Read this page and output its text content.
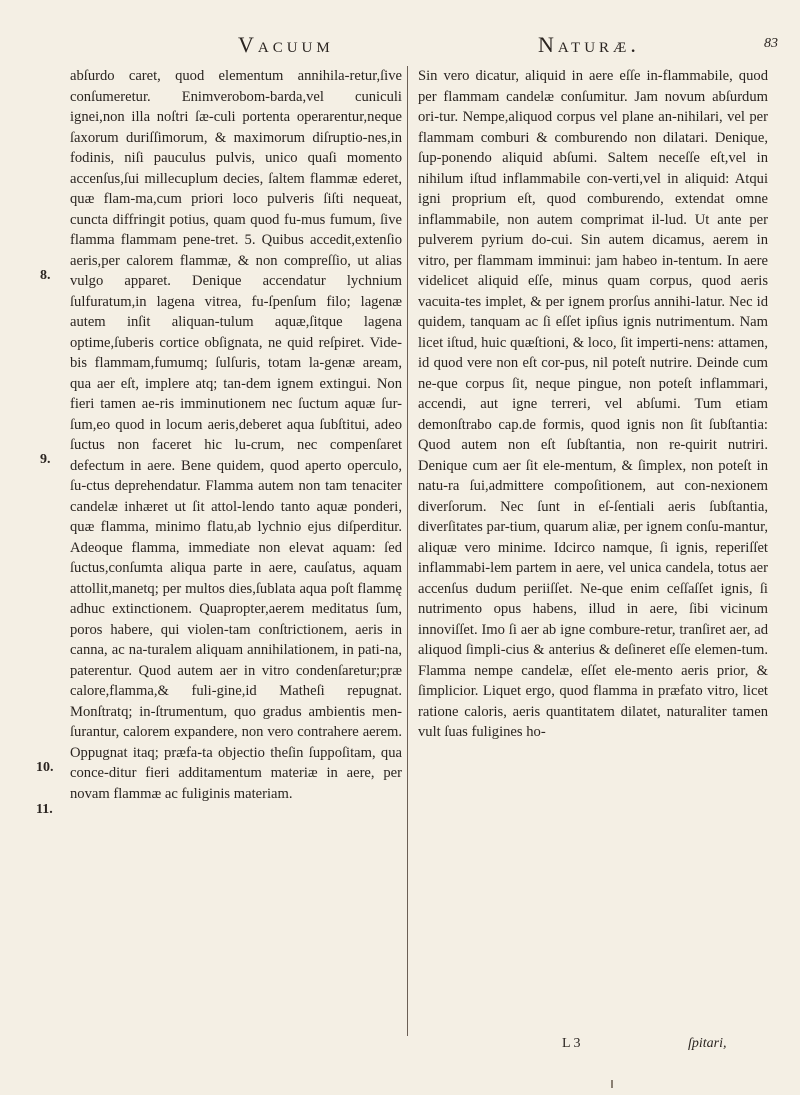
Vacuum	Naturæ.	83
8.
9.
10.
11.

abſurdo caret, quod elementum annihila-retur,ſive conſumeretur. Enimverobom-barda,vel cuniculi ignei,non illa noſtri ſæ-culi portenta operarentur,neque ſaxorum duriſſimorum, & maximorum diſruptio-nes,in fodinis, niſi pauculus pulvis, unico quaſi momento accenſus,ſui millecuplum decies, ſaltem flammæ ederet, quæ flam-ma,cum priori loco pulveris ſiſti nequeat, cuncta diffringit potius, quam quod fu-mus fumum, ſive flamma flammam pene-tret. 5. Quibus accedit,extenſio aeris,per calorem flammæ, & non compreſſio, ut alias vulgo apparet. Denique accendatur lychnium ſulfuratum,in lagena vitrea, fu-ſpenſum filo; lagenæ autem inſit aliquan-tulum aquæ,ſitque lagena optime,ſuberis cortice obſignata, ne quid reſpiret. Vide-bis flammam,fumumq; ſulſuris, totam la-genæ aream, qua aer eſt, implere atq; tan-dem ignem extingui. Non fieri tamen ae-ris imminutionem nec ſuctum aquæ ſur-ſum,eo quod in locum aeris,deberet aqua ſubſtitui, adeo ſuctus non faceret hic lu-crum, nec compenſaret defectum in aere. Bene quidem, quod aperto operculo, ſu-ctus deprehendatur. Flamma autem non tam tenaciter candelæ inhæret ut ſit attol-lendo tanto aquæ ponderi, quæ flamma, minimo flatu,ab lychnio ejus diſperditur. Adeoque flamma, immediate non elevat aquam: ſed ſuctus,conſumta aliqua parte in aere, cauſatus, aquam attollit,manetq; per multos dies,ſublata aqua poſt flammę adhuc extinctionem. Quapropter,aerem meditatus ſum, poros habere, qui violen-tam conſtrictionem, aeris in canna, ac na-turalem aliquam annihilationem, in pati-na, paterentur. Quod autem aer in vitro condenſaretur;præ calore,flamma,& fuli-gine,id Matheſi repugnat. Monſtratq; in-ſtrumentum, quo gradus ambientis men-ſurantur, calorem expandere, non vero contrahere aerem. Oppugnat itaq; præfa-ta objectio theſin ſuppoſitam, qua conce-ditur fieri additamentum materiæ in aere, per novam flammæ ac fuliginis materiam.

Sin vero dicatur, aliquid in aere eſſe in-flammabile, quod per flammam candelæ conſumitur. Jam novum abſurdum ori-tur. Nempe,aliquod corpus vel plane an-nihilari, vel per flammam comburi & comburendo non dilatari. Denique, ſup-ponendo aliquid abſumi. Saltem neceſſe eſt,vel in nihilum iſtud inflammabile con-verti,vel in aliquid: Atqui igni proprium eſt, quod comburendo, extendat omne inflammabile, non autem comprimat il-lud. Ut ante per pulverem pyrium do-cui. Sin autem dicamus, aerem in vitro, per flammam imminui: jam habeo in-tentum. In aere videlicet aliquid eſſe, minus quam corpus, quod aeris vacuita-tes implet, & per ignem prorſus annihi-latur. Nec id quidem, tanquam ac ſi eſſet ipſius ignis nutrimentum. Nam licet iſtud, huic quæſtioni, & loco, ſit imperti-nens: attamen, id quod vere non eſt cor-pus, nil poteſt nutrire. Deinde cum ne-que corpus ſit, neque pingue, non poteſt inflammari, accendi, aut igne terreri, vel abſumi. Tum etiam demonſtrabo cap.de formis, quod ignis non ſit ſubſtantia: Quod autem non eſt ſubſtantia, non re-quirit nutriri. Denique cum aer ſit ele-mentum, & ſimplex, non poteſt in natu-ra ſui,admittere compoſitionem, aut con-nexionem diverſorum. Nec ſunt in eſ-ſentiali aeris ſubſtantia, diverſitates par-tium, quarum aliæ, per ignem conſu-mantur, aliquæ vero minime. Idcirco namque, ſi ignis, reperiſſet inflammabi-lem partem in aere, vel unica candela, totus aer accenſus dudum periiſſet. Ne-que enim ceſſaſſet ignis, ſi nutrimento opus habens, illud in aere, ſibi vicinum innoviſſet. Imo ſi aer ab igne combure-retur, tranſiret aer, ad aliquod ſimpli-cius & anterius & deſineret eſſe elemen-tum. Flamma nempe candelæ, eſſet ele-mento aeris prior, & ſimplicior. Liquet ergo, quod flamma in præfato vitro, licet ratione caloris, aeris quantitatem dilatet, naturaliter tamen vult ſuas fuligines ho-

L 3	ſpitari,
